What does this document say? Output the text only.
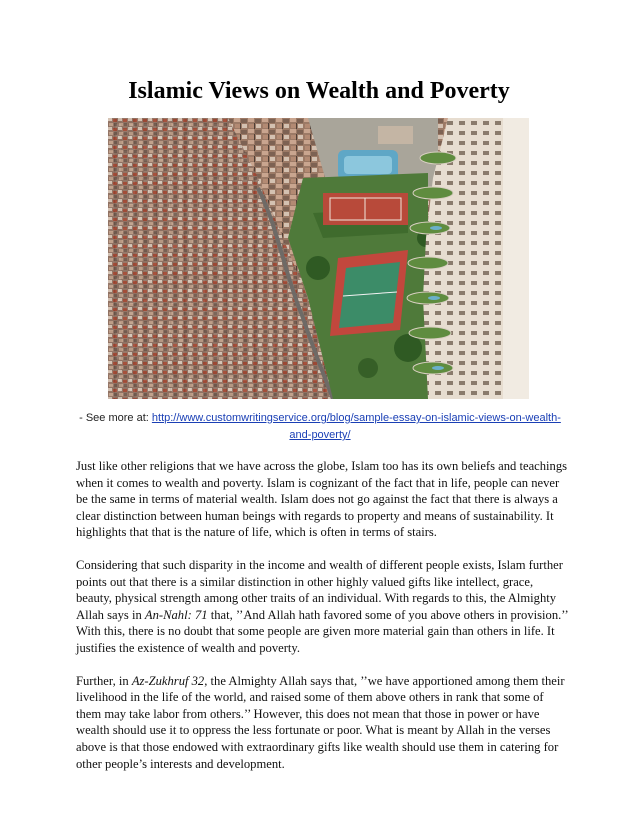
Islamic Views on Wealth and Poverty
- See more at: http://www.customwritingservice.org/blog/sample-essay-on-islamic-views-on-wealth-
and-poverty/

Just like other religions that we have across the globe, Islam too has its own beliefs and teachings when it comes to wealth and poverty. Islam is cognizant of the fact that in life, people can never be the same in terms of material wealth. Islam does not go against the fact that there is always a clear distinction between human beings with regards to property and means of sustainability. It highlights that that is the nature of life, which is often in terms of stairs.

Considering that such disparity in the income and wealth of different people exists, Islam further points out that there is a similar distinction in other highly valued gifts like intellect, grace, beauty, physical strength among other traits of an individual. With regards to this, the Almighty Allah says in An-Nahl: 71 that, ’’And Allah hath favored some of you above others in provision.’’ With this, there is no doubt that some people are given more material gain than others in life. It justifies the existence of wealth and poverty.

Further, in Az-Zukhruf 32, the Almighty Allah says that, ’’we have apportioned among them their livelihood in the life of the world, and raised some of them above others in rank that some of them may take labor from others.’’ However, this does not mean that those in power or have wealth should use it to oppress the less fortunate or poor. What is meant by Allah in the verses above is that those endowed with extraordinary gifts like wealth should use them in catering for other people’s interests and development.
